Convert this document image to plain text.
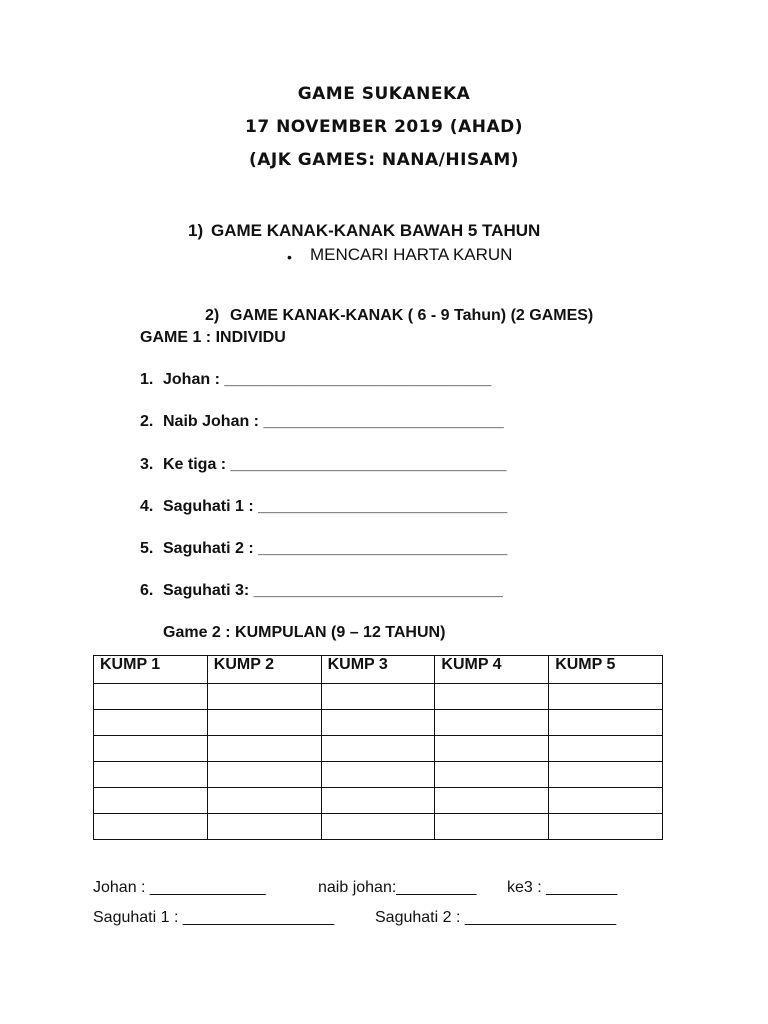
GAME SUKANEKA
17 NOVEMBER 2019 (AHAD)
(AJK GAMES: NANA/HISAM)
1) GAME KANAK-KANAK BAWAH 5 TAHUN
• MENCARI HARTA KARUN
2) GAME KANAK-KANAK ( 6 - 9 Tahun) (2 GAMES)
GAME 1 : INDIVIDU
1. Johan : ______________________________
2. Naib Johan : ___________________________
3. Ke tiga : _______________________________
4. Saguhati 1 : ____________________________
5. Saguhati 2 : ____________________________
6. Saguhati 3: ____________________________
Game 2 : KUMPULAN (9 – 12 TAHUN)
KUMP 1	KUMP 2	KUMP 3	KUMP 4	KUMP 5

Johan : _____________	naib johan:_________ ke3 : ________
Saguhati 1 : _________________	Saguhati 2 : _________________
